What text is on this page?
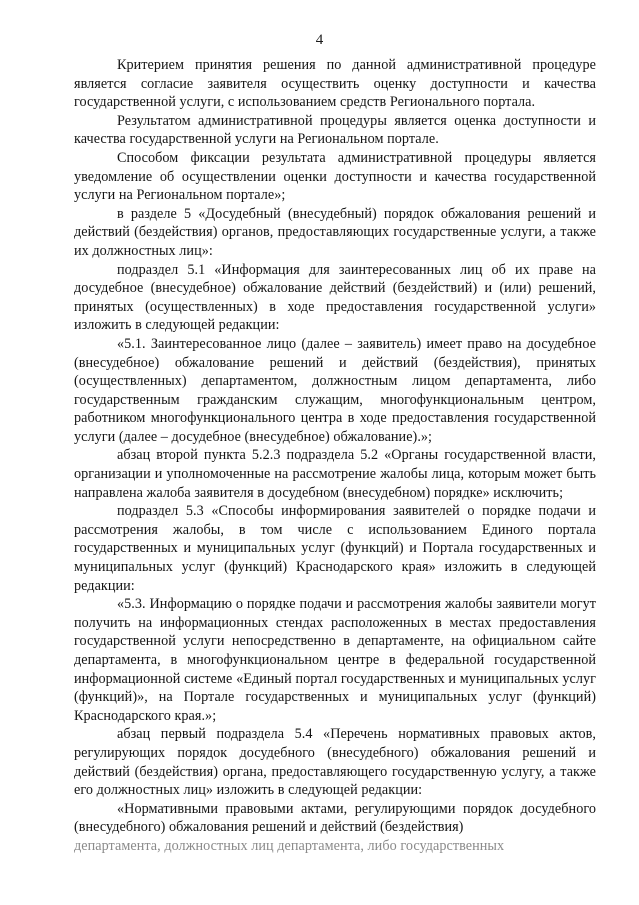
4

Критерием принятия решения по данной административной процедуре является согласие заявителя осуществить оценку доступности и качества государственной услуги, с использованием средств Регионального портала.

Результатом административной процедуры является оценка доступности и качества государственной услуги на Региональном портале.

Способом фиксации результата административной процедуры является уведомление об осуществлении оценки доступности и качества государственной услуги на Региональном портале»;

в разделе 5 «Досудебный (внесудебный) порядок обжалования решений и действий (бездействия) органов, предоставляющих государственные услуги, а также их должностных лиц»:

подраздел 5.1 «Информация для заинтересованных лиц об их праве на досудебное (внесудебное) обжалование действий (бездействий) и (или) решений, принятых (осуществленных) в ходе предоставления государственной услуги» изложить в следующей редакции:

«5.1. Заинтересованное лицо (далее – заявитель) имеет право на досудебное (внесудебное) обжалование решений и действий (бездействия), принятых (осуществленных) департаментом, должностным лицом департамента, либо государственным гражданским служащим, многофункциональным центром, работником многофункционального центра в ходе предоставления государственной услуги (далее – досудебное (внесудебное) обжалование).»;

абзац второй пункта 5.2.3 подраздела 5.2 «Органы государственной власти, организации и уполномоченные на рассмотрение жалобы лица, которым может быть направлена жалоба заявителя в досудебном (внесудебном) порядке» исключить;

подраздел 5.3 «Способы информирования заявителей о порядке подачи и рассмотрения жалобы, в том числе с использованием Единого портала государственных и муниципальных услуг (функций) и Портала государственных и муниципальных услуг (функций) Краснодарского края» изложить в следующей редакции:

«5.3. Информацию о порядке подачи и рассмотрения жалобы заявители могут получить на информационных стендах расположенных в местах предоставления государственной услуги непосредственно в департаменте, на официальном сайте департамента, в многофункциональном центре в федеральной государственной информационной системе «Единый портал государственных и муниципальных услуг (функций)», на Портале государственных и муниципальных услуг (функций) Краснодарского края.»;

абзац первый подраздела 5.4 «Перечень нормативных правовых актов, регулирующих порядок досудебного (внесудебного) обжалования решений и действий (бездействия) органа, предоставляющего государственную услугу, а также его должностных лиц» изложить в следующей редакции:

«Нормативными правовыми актами, регулирующими порядок досудебного (внесудебного) обжалования решений и действий (бездействия)

департамента, должностных лиц департамента, либо государственных
